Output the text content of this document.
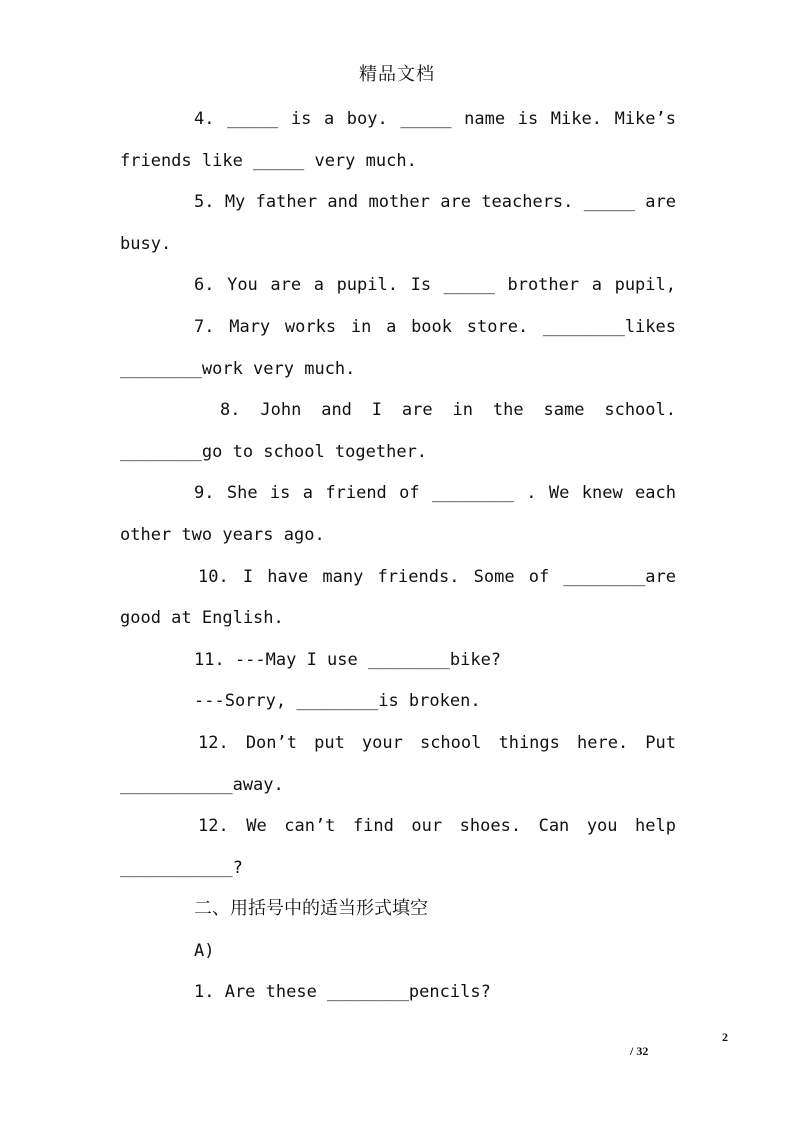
精品文档
4. _____ is a boy. _____ name is Mike. Mike’s
friends like _____ very much.
5. My father and mother are teachers. _____ are
busy.
6. You are a pupil. Is _____ brother a pupil,
7. Mary works in a book store. ________likes
________work very much.
8. John and I are in the same school.
________go to school together.
9. She is a friend of ________ . We knew each
other two years ago.
10. I have many friends. Some of ________are
good at English.
11. ---May I use ________bike?
---Sorry, ________is broken.
12. Don’t put your school things here. Put
___________away.
12. We can’t find our shoes. Can you help
___________?
二、用括号中的适当形式填空
A)
1. Are these ________pencils?
2
/ 32
